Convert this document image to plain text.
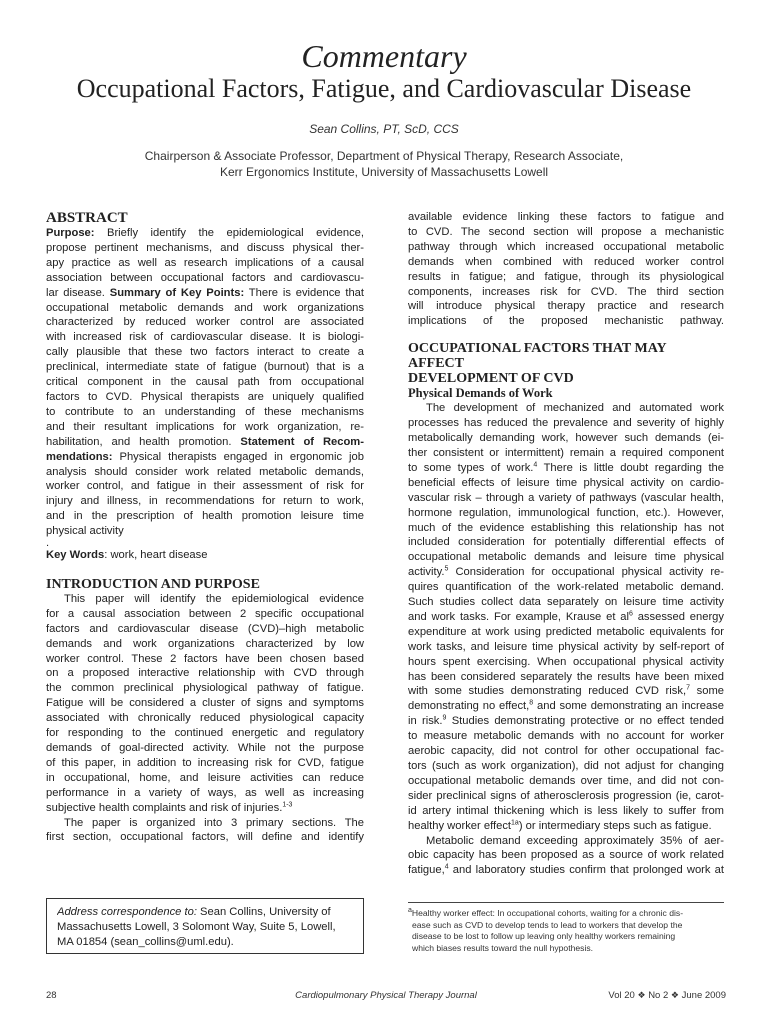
Commentary
Occupational Factors, Fatigue, and Cardiovascular Disease
Sean Collins, PT, ScD, CCS
Chairperson & Associate Professor, Department of Physical Therapy, Research Associate,
Kerr Ergonomics Institute, University of Massachusetts Lowell
ABSTRACT
Purpose: Briefly identify the epidemiological evidence,
propose pertinent mechanisms, and discuss physical ther-
apy practice as well as research implications of a causal
association between occupational factors and cardiovascu-
lar disease. Summary of Key Points: There is evidence that
occupational metabolic demands and work organizations
characterized by reduced worker control are associated
with increased risk of cardiovascular disease. It is biologi-
cally plausible that these two factors interact to create a
preclinical, intermediate state of fatigue (burnout) that is a
critical component in the causal path from occupational
factors to CVD. Physical therapists are uniquely qualified
to contribute to an understanding of these mechanisms
and their resultant implications for work organization, re-
habilitation, and health promotion. Statement of Recom-
mendations: Physical therapists engaged in ergonomic job
analysis should consider work related metabolic demands,
worker control, and fatigue in their assessment of risk for
injury and illness, in recommendations for return to work,
and in the prescription of health promotion leisure time
physical activity
.
Key Words: work, heart disease
INTRODUCTION AND PURPOSE
This paper will identify the epidemiological evidence
for a causal association between 2 specific occupational
factors and cardiovascular disease (CVD)–high metabolic
demands and work organizations characterized by low
worker control. These 2 factors have been chosen based
on a proposed interactive relationship with CVD through
the common preclinical physiological pathway of fatigue.
Fatigue will be considered a cluster of signs and symptoms
associated with chronically reduced physiological capacity
for responding to the continued energetic and regulatory
demands of goal-directed activity. While not the purpose
of this paper, in addition to increasing risk for CVD, fatigue
in occupational, home, and leisure activities can reduce
performance in a variety of ways, as well as increasing
subjective health complaints and risk of injuries.$^{1-3}$
The paper is organized into 3 primary sections. The
first section, occupational factors, will define and identify
Address correspondence to: Sean Collins, University of
Massachusetts Lowell, 3 Solomont Way, Suite 5, Lowell,
MA 01854 (sean_collins@uml.edu).
available evidence linking these factors to fatigue and
to CVD. The second section will propose a mechanistic
pathway through which increased occupational metabolic
demands when combined with reduced worker control
results in fatigue; and fatigue, through its physiological
components, increases risk for CVD. The third section
will introduce physical therapy practice and research
implications of the proposed mechanistic pathway.
OCCUPATIONAL FACTORS THAT MAY AFFECT
DEVELOPMENT OF CVD
Physical Demands of Work
The development of mechanized and automated work
processes has reduced the prevalence and severity of highly
metabolically demanding work, however such demands (ei-
ther consistent or intermittent) remain a required component
to some types of work.$^4$ There is little doubt regarding the
beneficial effects of leisure time physical activity on cardio-
vascular risk – through a variety of pathways (vascular health,
hormone regulation, immunological function, etc.). However,
much of the evidence establishing this relationship has not
included consideration for potentially differential effects of
occupational metabolic demands and leisure time physical
activity.$^5$ Consideration for occupational physical activity re-
quires quantification of the work-related metabolic demand.
Such studies collect data separately on leisure time activity
and work tasks. For example, Krause et $al^6$ assessed energy
expenditure at work using predicted metabolic equivalents for
work tasks, and leisure time physical activity by self-report of
hours spent exercising. When occupational physical activity
has been considered separately the results have been mixed
with some studies demonstrating reduced CVD risk,$^7$ some
demonstrating no effect,$^8$ and some demonstrating an increase
in risk.$^9$ Studies demonstrating protective or no effect tended
to measure metabolic demands with no account for worker
aerobic capacity, did not control for other occupational fac-
tors (such as work organization), did not adjust for changing
occupational metabolic demands over time, and did not con-
sider preclinical signs of atherosclerosis progression (ie, carot-
id artery intimal thickening which is less likely to suffer from
healthy worker effect$^{1a}$) or intermediary steps such as fatigue.
Metabolic demand exceeding approximately 35% of aer-
obic capacity has been proposed as a source of work related
fatigue,$^4$ and laboratory studies confirm that prolonged work at
$^a$Healthy worker effect: In occupational cohorts, waiting for a chronic dis-
ease such as CVD to develop tends to lead to workers that develop the
disease to be lost to follow up leaving only healthy workers remaining
which biases results toward the null hypothesis.
28	Cardiopulmonary Physical Therapy Journal	Vol 20 ❖ No 2 ❖ June 2009
